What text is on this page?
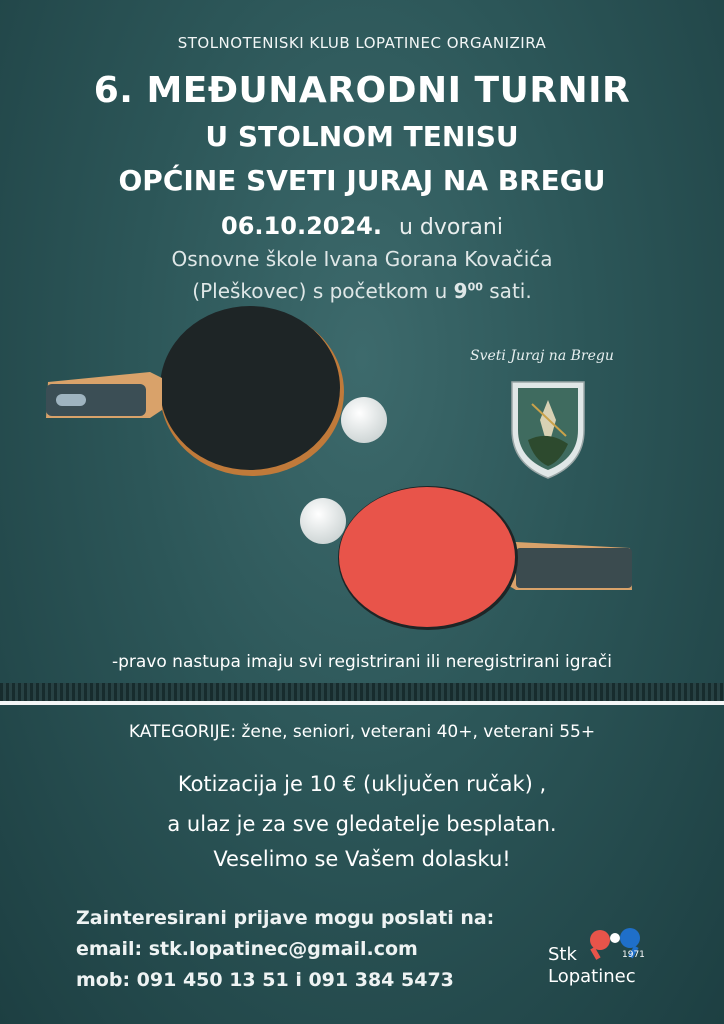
STOLNOTENISKI KLUB LOPATINEC ORGANIZIRA
6. MEĐUNARODNI TURNIR
U STOLNOM TENISU
OPĆINE SVETI JURAJ NA BREGU
06.10.2024. u dvorani
Osnovne škole Ivana Gorana Kovačića
(Pleškovec) s početkom u $9^{00}$ sati.
Sveti Juraj na Bregu
-pravo nastupa imaju svi registrirani ili neregistrirani igrači
KATEGORIJE: žene, seniori, veterani 40+, veterani 55+
Kotizacija je 10 € (uključen ručak) ,
a ulaz je za sve gledatelje besplatan.
Veselimo se Vašem dolasku!
Zainteresirani prijave mogu poslati na:
email: stk.lopatinec@gmail.com
mob: 091 450 13 51 i 091 384 5473
Stk	1971
Lopatinec
